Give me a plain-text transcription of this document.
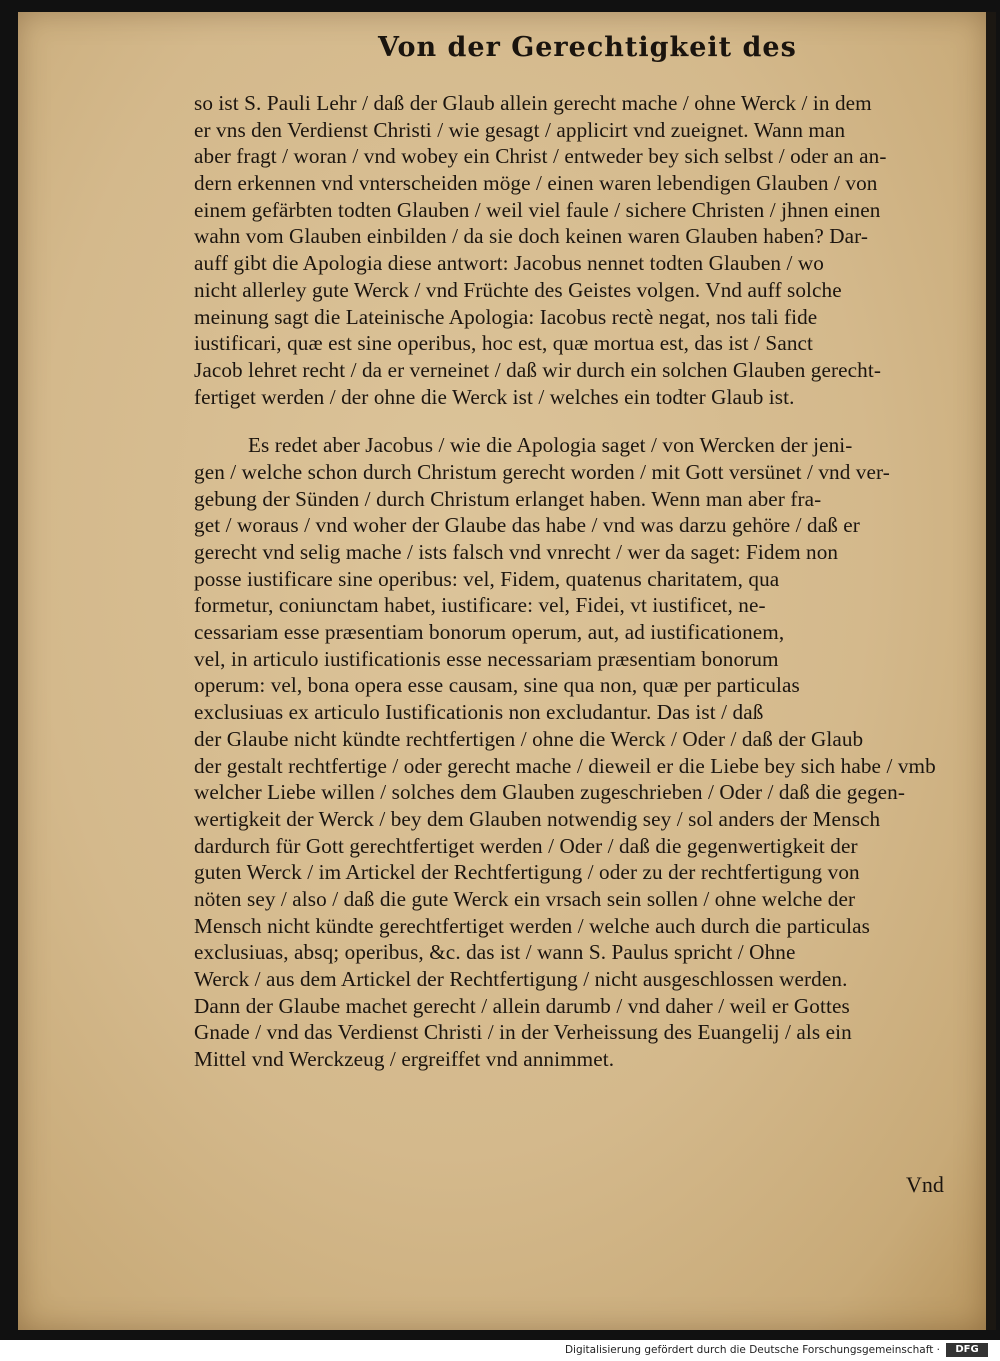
Von der Gerechtigkeit des
so ist S. Pauli Lehr / daß der Glaub allein gerecht mache / ohne Werck / in dem
er vns den Verdienst Christi / wie gesagt / applicirt vnd zueignet. Wann man
aber fragt / woran / vnd wobey ein Christ / entweder bey sich selbst / oder an an-
dern erkennen vnd vnterscheiden möge / einen waren lebendigen Glauben / von
einem gefärbten todten Glauben / weil viel faule / sichere Christen / jhnen einen
wahn vom Glauben einbilden / da sie doch keinen waren Glauben haben? Dar-
auff gibt die Apologia diese antwort: Jacobus nennet todten Glauben / wo
nicht allerley gute Werck / vnd Früchte des Geistes volgen. Vnd auff solche
meinung sagt die Lateinische Apologia: Iacobus rectè negat, nos tali fide
iustificari, quæ est sine operibus, hoc est, quæ mortua est, das ist / Sanct
Jacob lehret recht / da er verneinet / daß wir durch ein solchen Glauben gerecht-
fertiget werden / der ohne die Werck ist / welches ein todter Glaub ist.
Es redet aber Jacobus / wie die Apologia saget / von Wercken der jeni-
gen / welche schon durch Christum gerecht worden / mit Gott versünet / vnd ver-
gebung der Sünden / durch Christum erlanget haben. Wenn man aber fra-
get / woraus / vnd woher der Glaube das habe / vnd was darzu gehöre / daß er
gerecht vnd selig mache / ists falsch vnd vnrecht / wer da saget: Fidem non
posse iustificare sine operibus: vel, Fidem, quatenus charitatem, qua
formetur, coniunctam habet, iustificare: vel, Fidei, vt iustificet, ne-
cessariam esse præsentiam bonorum operum, aut, ad iustificationem,
vel, in articulo iustificationis esse necessariam præsentiam bonorum
operum: vel, bona opera esse causam, sine qua non, quæ per particulas
exclusiuas ex articulo Iustificationis non excludantur. Das ist / daß
der Glaube nicht kündte rechtfertigen / ohne die Werck / Oder / daß der Glaub
der gestalt rechtfertige / oder gerecht mache / dieweil er die Liebe bey sich habe / vmb
welcher Liebe willen / solches dem Glauben zugeschrieben / Oder / daß die gegen-
wertigkeit der Werck / bey dem Glauben notwendig sey / sol anders der Mensch
dardurch für Gott gerechtfertiget werden / Oder / daß die gegenwertigkeit der
guten Werck / im Artickel der Rechtfertigung / oder zu der rechtfertigung von
nöten sey / also / daß die gute Werck ein vrsach sein sollen / ohne welche der
Mensch nicht kündte gerechtfertiget werden / welche auch durch die particulas
exclusiuas, absq; operibus, &c. das ist / wann S. Paulus spricht / Ohne
Werck / aus dem Artickel der Rechtfertigung / nicht ausgeschlossen werden.
Dann der Glaube machet gerecht / allein darumb / vnd daher / weil er Gottes
Gnade / vnd das Verdienst Christi / in der Verheissung des Euangelij / als ein
Mittel vnd Werckzeug / ergreiffet vnd annimmet.
Vnd
Digitalisierung gefördert durch die Deutsche Forschungsgemeinschaft ·	DFG
